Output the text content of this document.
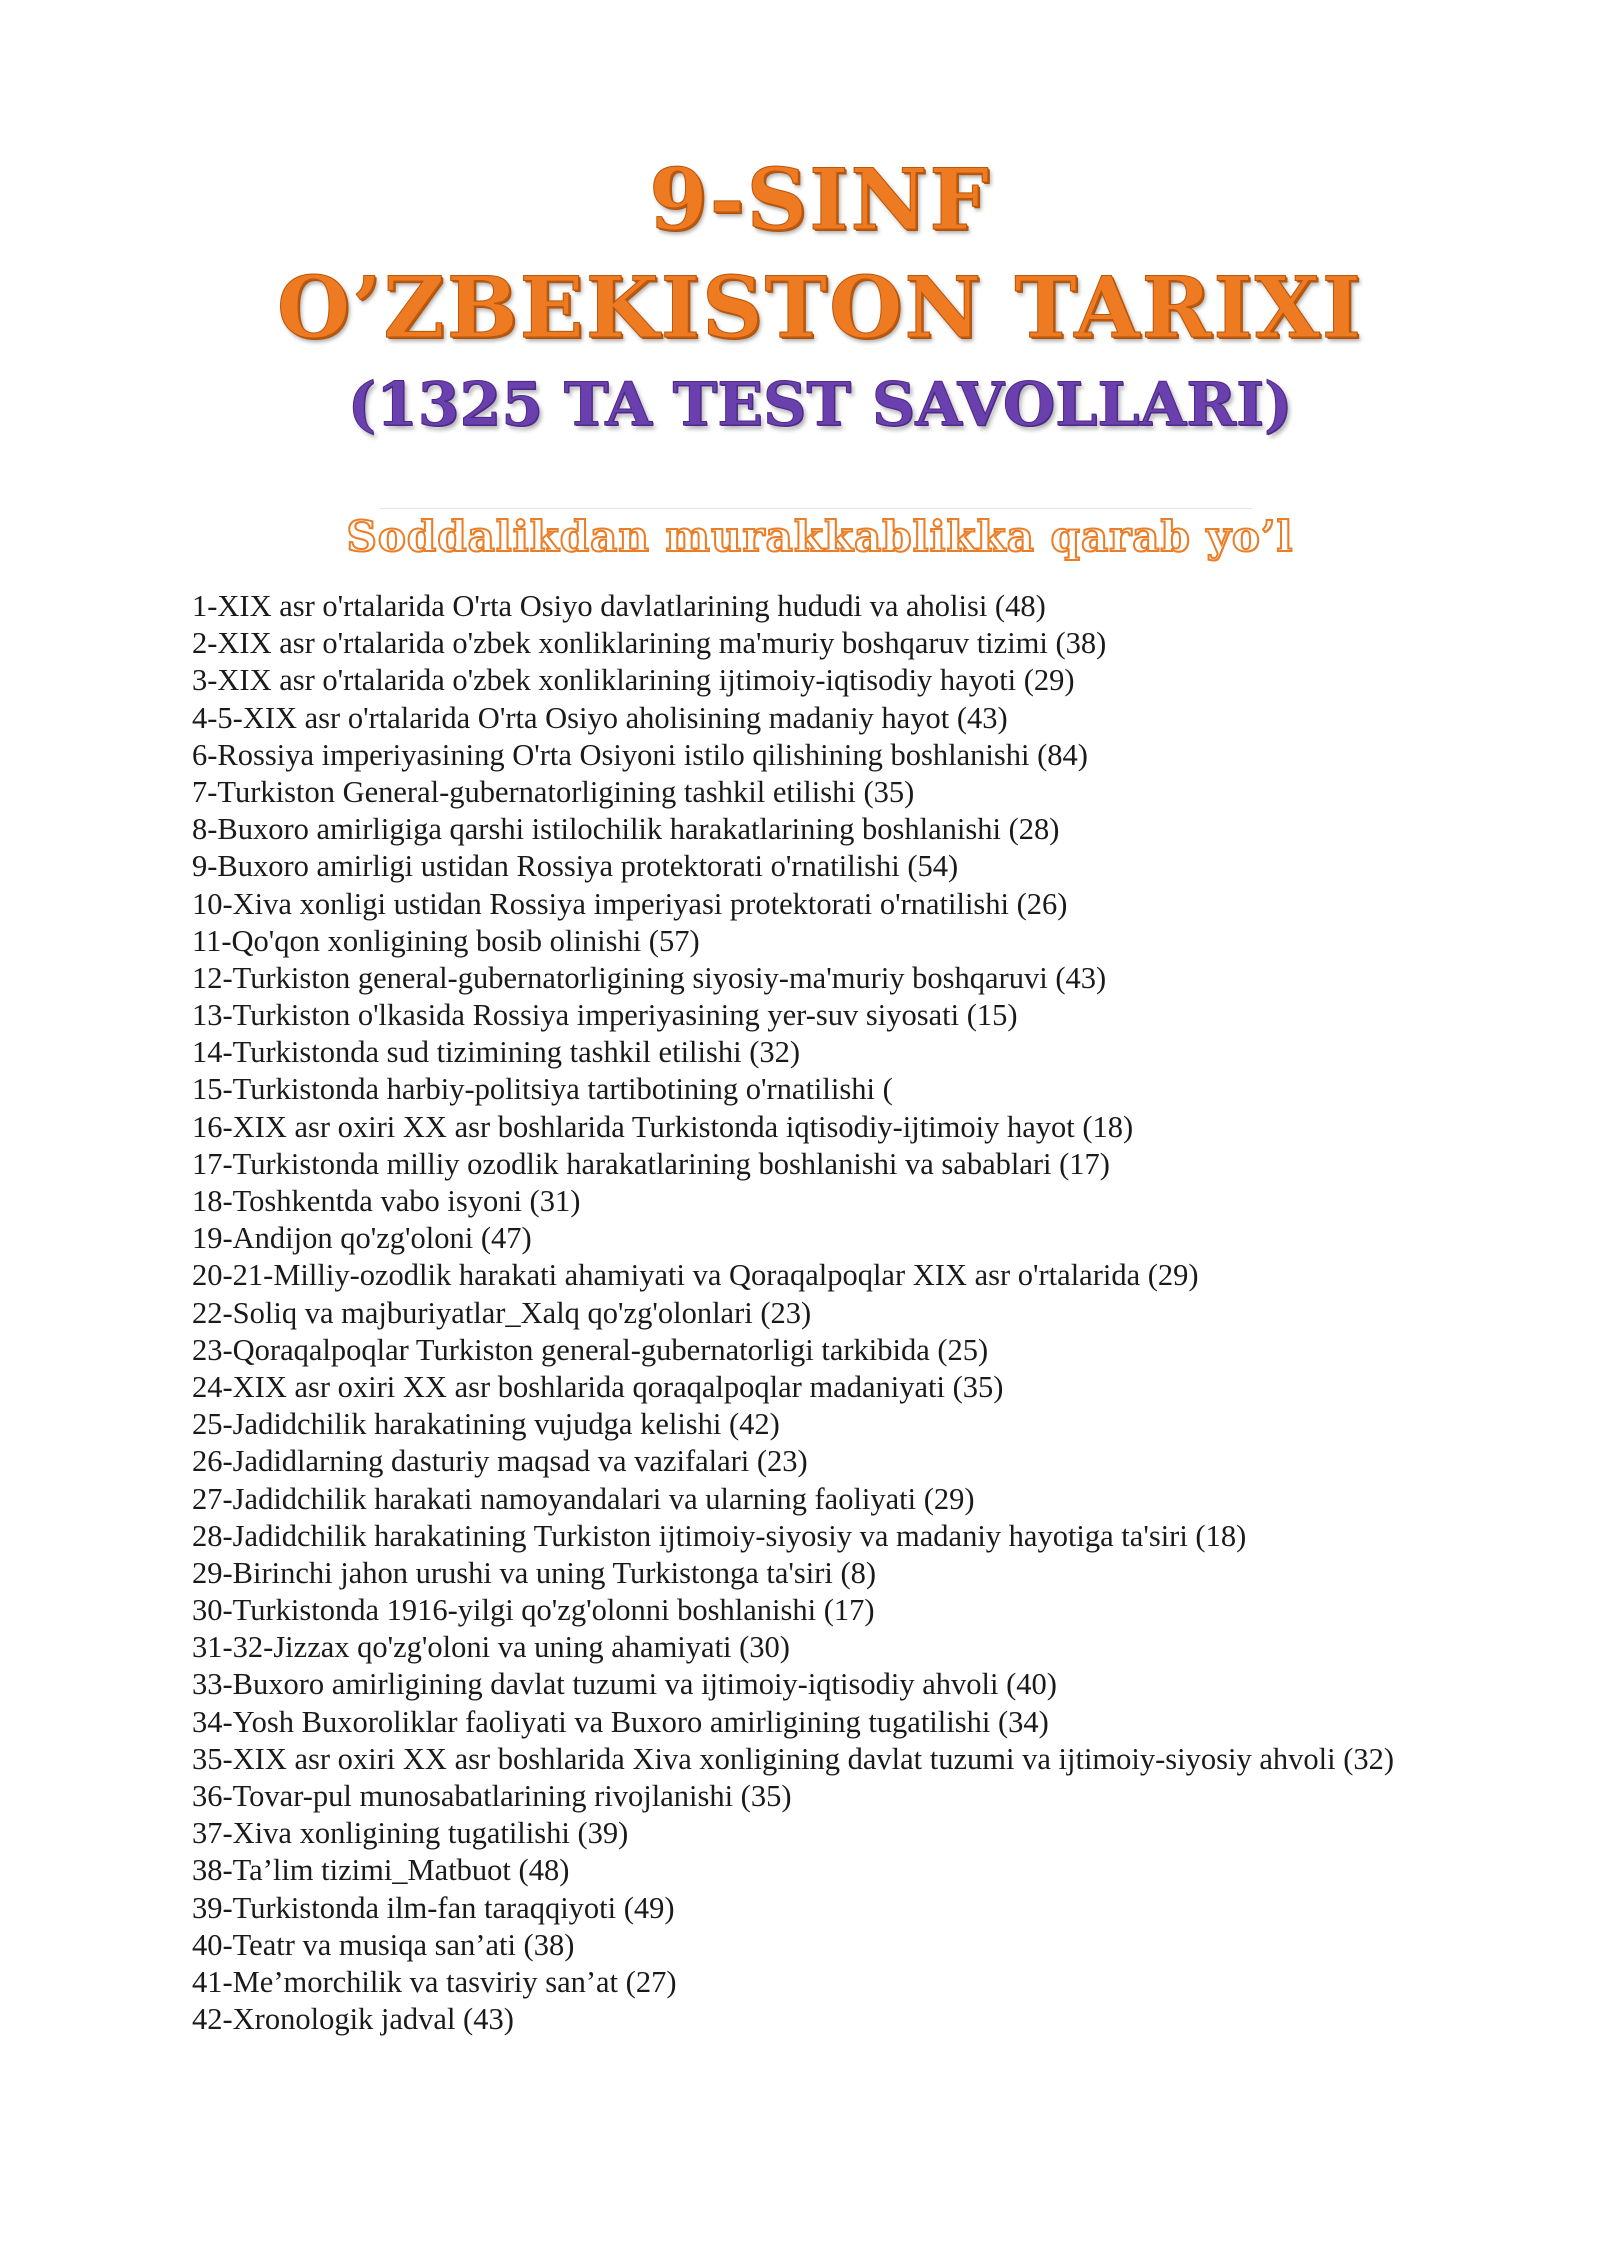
9-SINF
O’ZBEKISTON TARIXI
(1325 TA TEST SAVOLLARI)
Soddalikdan murakkablikka qarab yo’l
1-XIX asr o'rtalarida O'rta Osiyo davlatlarining hududi va aholisi (48)
2-XIX asr o'rtalarida o'zbek xonliklarining ma'muriy boshqaruv tizimi (38)
3-XIX asr o'rtalarida o'zbek xonliklarining ijtimoiy-iqtisodiy hayoti (29)
4-5-XIX asr o'rtalarida O'rta Osiyo aholisining madaniy hayot (43)
6-Rossiya imperiyasining O'rta Osiyoni istilo qilishining boshlanishi (84)
7-Turkiston General-gubernatorligining tashkil etilishi (35)
8-Buxoro amirligiga qarshi istilochilik harakatlarining boshlanishi (28)
9-Buxoro amirligi ustidan Rossiya protektorati o'rnatilishi (54)
10-Xiva xonligi ustidan Rossiya imperiyasi protektorati o'rnatilishi (26)
11-Qo'qon xonligining bosib olinishi (57)
12-Turkiston general-gubernatorligining siyosiy-ma'muriy boshqaruvi (43)
13-Turkiston o'lkasida Rossiya imperiyasining yer-suv siyosati (15)
14-Turkistonda sud tizimining tashkil etilishi (32)
15-Turkistonda harbiy-politsiya tartibotining o'rnatilishi (
16-XIX asr oxiri XX asr boshlarida Turkistonda iqtisodiy-ijtimoiy hayot (18)
17-Turkistonda milliy ozodlik harakatlarining boshlanishi va sabablari (17)
18-Toshkentda vabo isyoni (31)
19-Andijon qo'zg'oloni (47)
20-21-Milliy-ozodlik harakati ahamiyati va Qoraqalpoqlar XIX asr o'rtalarida (29)
22-Soliq va majburiyatlar_Xalq qo'zg'olonlari (23)
23-Qoraqalpoqlar Turkiston general-gubernatorligi tarkibida (25)
24-XIX asr oxiri XX asr boshlarida qoraqalpoqlar madaniyati (35)
25-Jadidchilik harakatining vujudga kelishi (42)
26-Jadidlarning dasturiy maqsad va vazifalari (23)
27-Jadidchilik harakati namoyandalari va ularning faoliyati (29)
28-Jadidchilik harakatining Turkiston ijtimoiy-siyosiy va madaniy hayotiga ta'siri (18)
29-Birinchi jahon urushi va uning Turkistonga ta'siri (8)
30-Turkistonda 1916-yilgi qo'zg'olonni boshlanishi (17)
31-32-Jizzax qo'zg'oloni va uning ahamiyati (30)
33-Buxoro amirligining davlat tuzumi va ijtimoiy-iqtisodiy ahvoli (40)
34-Yosh Buxoroliklar faoliyati va Buxoro amirligining tugatilishi (34)
35-XIX asr oxiri XX asr boshlarida Xiva xonligining davlat tuzumi va ijtimoiy-siyosiy ahvoli (32)
36-Tovar-pul munosabatlarining rivojlanishi (35)
37-Xiva xonligining tugatilishi (39)
38-Ta’lim tizimi_Matbuot (48)
39-Turkistonda ilm-fan taraqqiyoti (49)
40-Teatr va musiqa san’ati (38)
41-Me’morchilik va tasviriy san’at (27)
42-Xronologik jadval (43)
